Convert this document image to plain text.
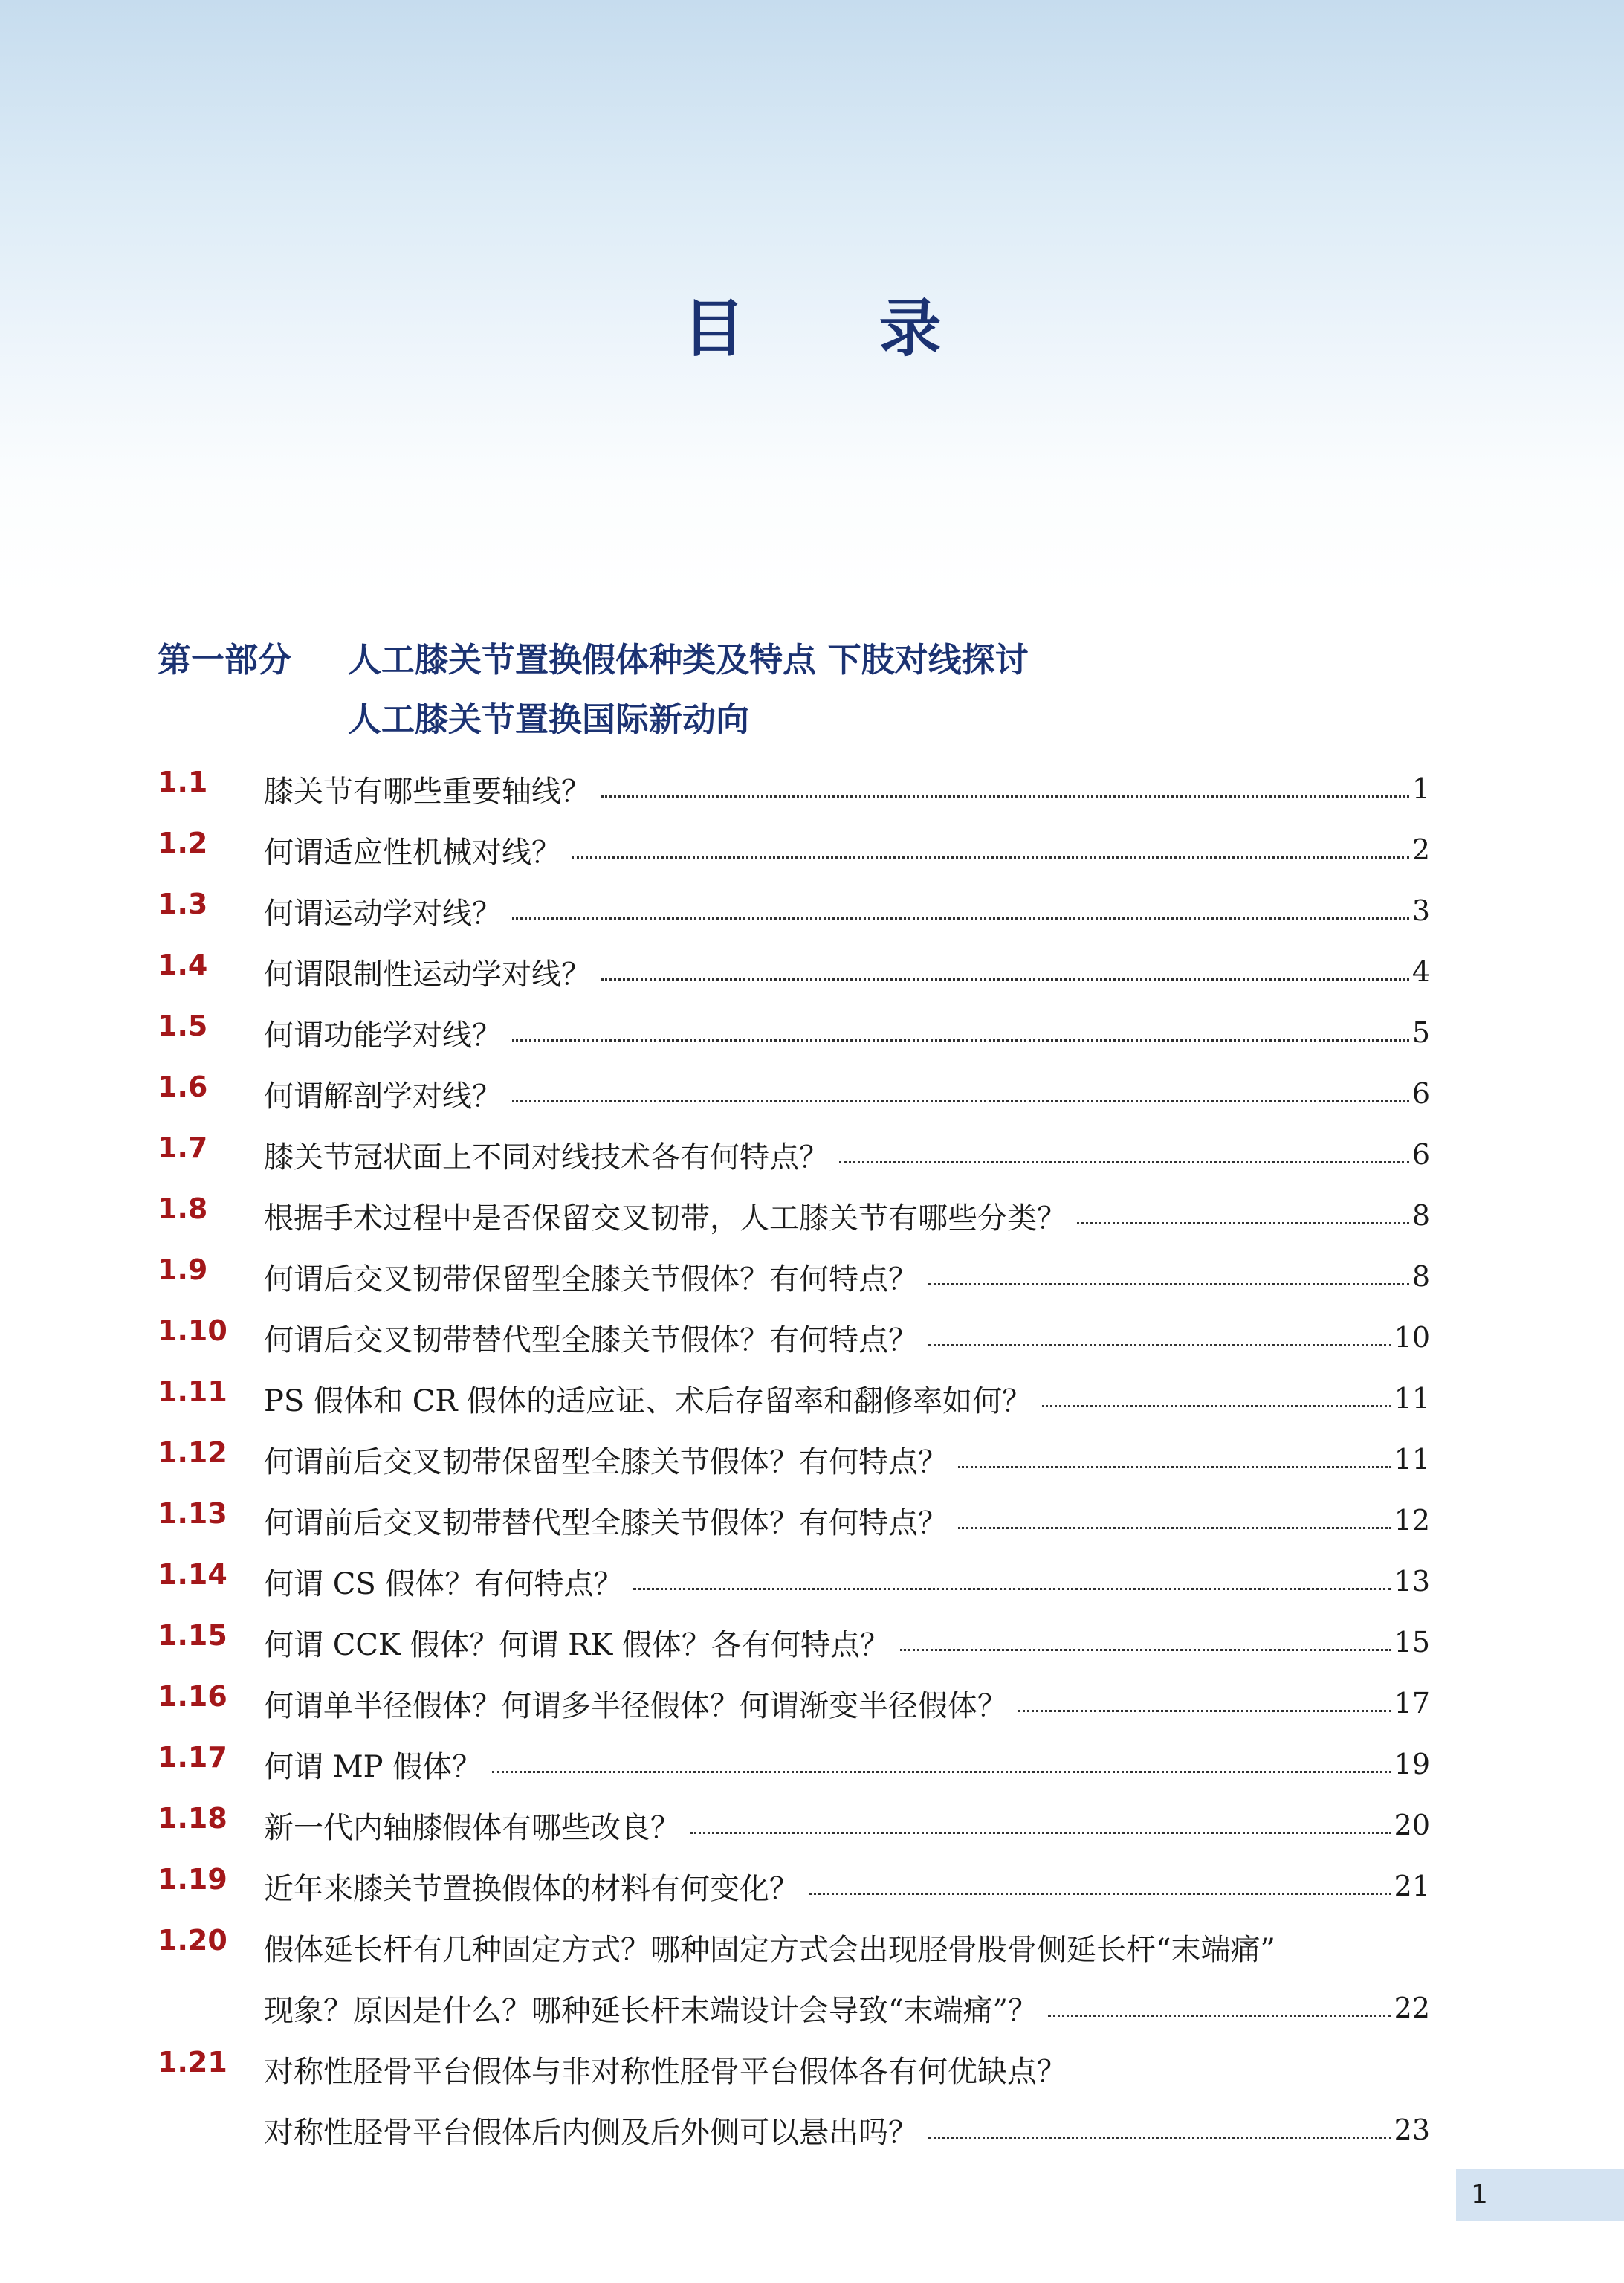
目录
第一部分 人工膝关节置换假体种类及特点 下肢对线探讨
人工膝关节置换国际新动向
1.1 膝关节有哪些重要轴线？	1
1.2 何谓适应性机械对线？	2
1.3 何谓运动学对线？	3
1.4 何谓限制性运动学对线？	4
1.5 何谓功能学对线？	5
1.6 何谓解剖学对线？	6
1.7 膝关节冠状面上不同对线技术各有何特点？	6
1.8 根据手术过程中是否保留交叉韧带，人工膝关节有哪些分类？	8
1.9 何谓后交叉韧带保留型全膝关节假体？有何特点？	8
1.10 何谓后交叉韧带替代型全膝关节假体？有何特点？	10
1.11 PS 假体和 CR 假体的适应证、术后存留率和翻修率如何？	11
1.12 何谓前后交叉韧带保留型全膝关节假体？有何特点？	11
1.13 何谓前后交叉韧带替代型全膝关节假体？有何特点？	12
1.14 何谓 CS 假体？有何特点？	13
1.15 何谓 CCK 假体？何谓 RK 假体？各有何特点？	15
1.16 何谓单半径假体？何谓多半径假体？何谓渐变半径假体？	17
1.17 何谓 MP 假体？	19
1.18 新一代内轴膝假体有哪些改良？	20
1.19 近年来膝关节置换假体的材料有何变化？	21
1.20 假体延长杆有几种固定方式？哪种固定方式会出现胫骨股骨侧延长杆“末端痛”
现象？原因是什么？哪种延长杆末端设计会导致“末端痛”？	22
1.21 对称性胫骨平台假体与非对称性胫骨平台假体各有何优缺点？
对称性胫骨平台假体后内侧及后外侧可以悬出吗？	23
1
